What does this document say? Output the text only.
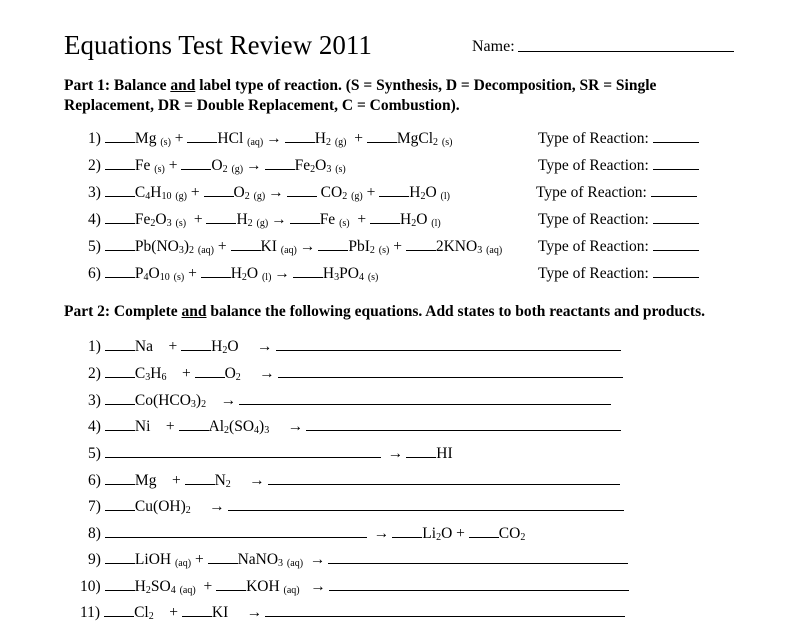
Equations Test Review 2011	Name:
Part 1: Balance and label type of reaction. (S = Synthesis, D = Decomposition, SR = Single Replacement, DR = Double Replacement, C = Combustion).
1) Mg (s) + HCl $(aq) \to H_2$ (g) + MgCl$_2$ (s)	Type of Reaction:
2) Fe $(s) + O_2$ $(g) \to Fe_2O_3$ (s)	Type of Reaction:
3) $C_4H_{10}$ $(g) + O_2$ $(g) \to CO_2$ $(g) + H_2O$ (l)	Type of Reaction:
4) $Fe_2O_3$ $(s) + H_2$ (g) → Fe $(s) + H_2O$ (l)	Type of Reaction:
5) $Pb(NO_3)_2$ (aq) + KI (aq) → PbI$_2$ $(s) + 2KNO_3$ (aq) Type of Reaction:
6) $P_4O_{10}$ $(s) + H_2O$ $(l) \to H_3PO_4$ (s)	Type of Reaction:
Part 2: Complete and balance the following equations. Add states to both reactants and products.
1) $Na + H_2O$ →
2) $C_3H_6 + O_2$ →
3) $Co(HCO_3)_2$ →
4) $Ni + Al_2(SO_4)_3$ →
5)	→ HI
6) $Mg + N_2$ →
7) $Cu(OH)_2$ →
8)	→ $Li_2O + CO_2$
9) LiOH (aq) + NaNO$_3$ (aq) →
10) $H_2SO_4$ (aq) + KOH (aq) →
11) $Cl_2$ + KI →
